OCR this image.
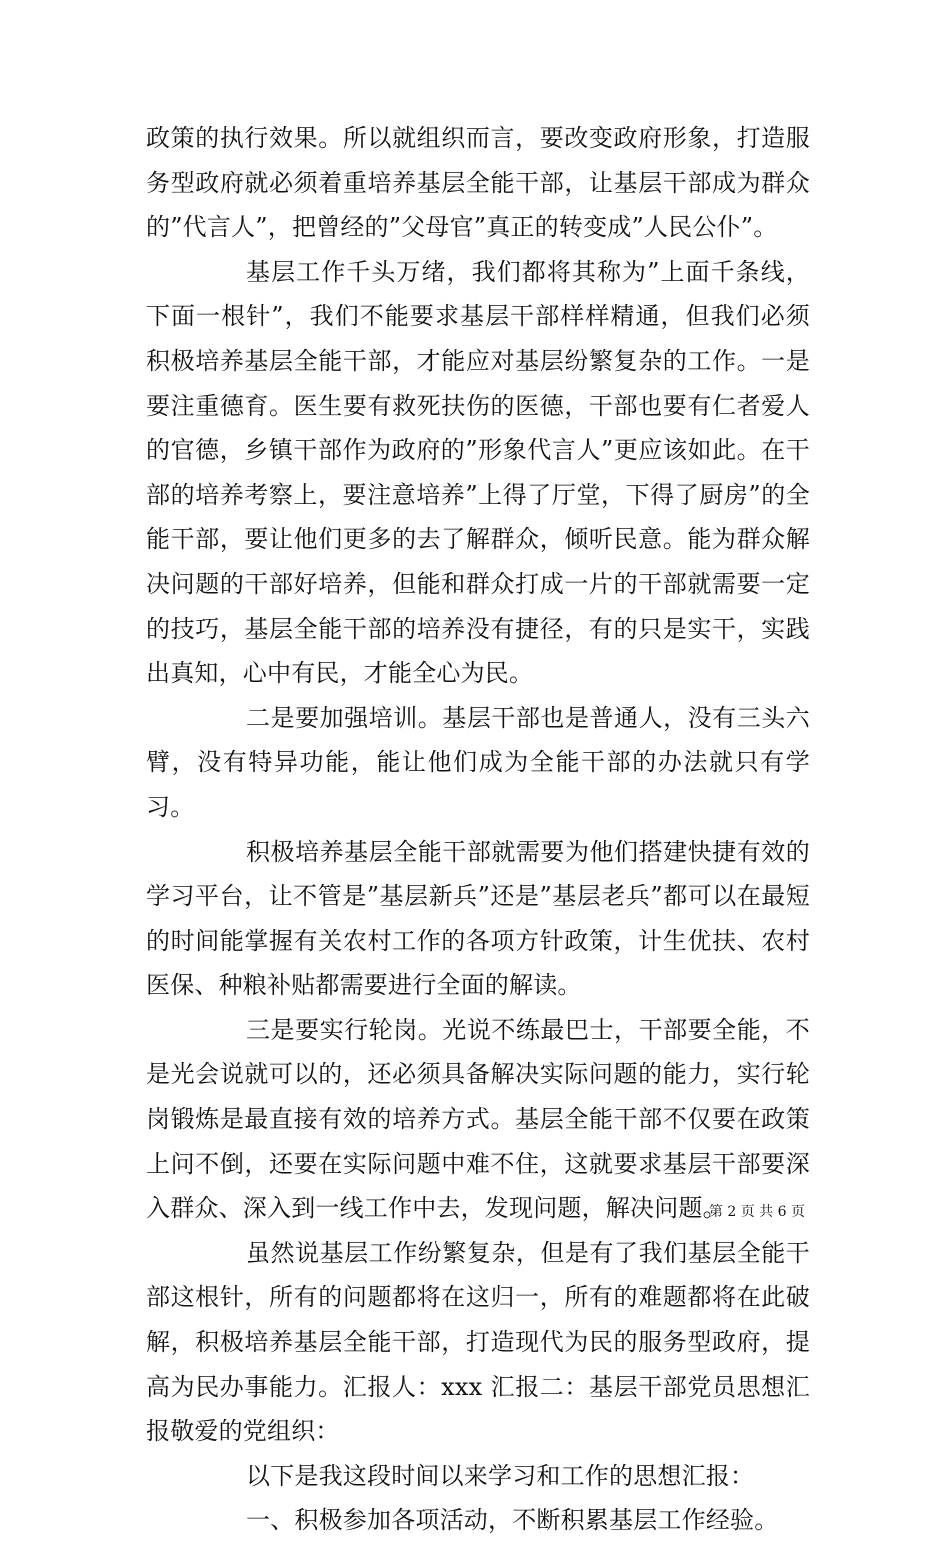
政策的执行效果。所以就组织而言，要改变政府形象，打造服务型政府就必须着重培养基层全能干部，让基层干部成为群众的”代言人”，把曾经的”父母官”真正的转变成”人民公仆”。

基层工作千头万绪，我们都将其称为”上面千条线，下面一根针”，我们不能要求基层干部样样精通，但我们必须积极培养基层全能干部，才能应对基层纷繁复杂的工作。一是要注重德育。医生要有救死扶伤的医德，干部也要有仁者爱人的官德，乡镇干部作为政府的”形象代言人”更应该如此。在干部的培养考察上，要注意培养”上得了厅堂，下得了厨房”的全能干部，要让他们更多的去了解群众，倾听民意。能为群众解决问题的干部好培养，但能和群众打成一片的干部就需要一定的技巧，基层全能干部的培养没有捷径，有的只是实干，实践出真知，心中有民，才能全心为民。

二是要加强培训。基层干部也是普通人，没有三头六臂，没有特异功能，能让他们成为全能干部的办法就只有学习。

积极培养基层全能干部就需要为他们搭建快捷有效的学习平台，让不管是”基层新兵”还是”基层老兵”都可以在最短的时间能掌握有关农村工作的各项方针政策，计生优扶、农村医保、种粮补贴都需要进行全面的解读。

三是要实行轮岗。光说不练最巴士，干部要全能，不是光会说就可以的，还必须具备解决实际问题的能力，实行轮岗锻炼是最直接有效的培养方式。基层全能干部不仅要在政策上问不倒，还要在实际问题中难不住，这就要求基层干部要深入群众、深入到一线工作中去，发现问题，解决问题。

虽然说基层工作纷繁复杂，但是有了我们基层全能干部这根针，所有的问题都将在这归一，所有的难题都将在此破解，积极培养基层全能干部，打造现代为民的服务型政府，提高为民办事能力。汇报人：xxx 汇报二：基层干部党员思想汇报敬爱的党组织：

以下是我这段时间以来学习和工作的思想汇报：

一、积极参加各项活动，不断积累基层工作经验。

第 2 页 共 6 页
